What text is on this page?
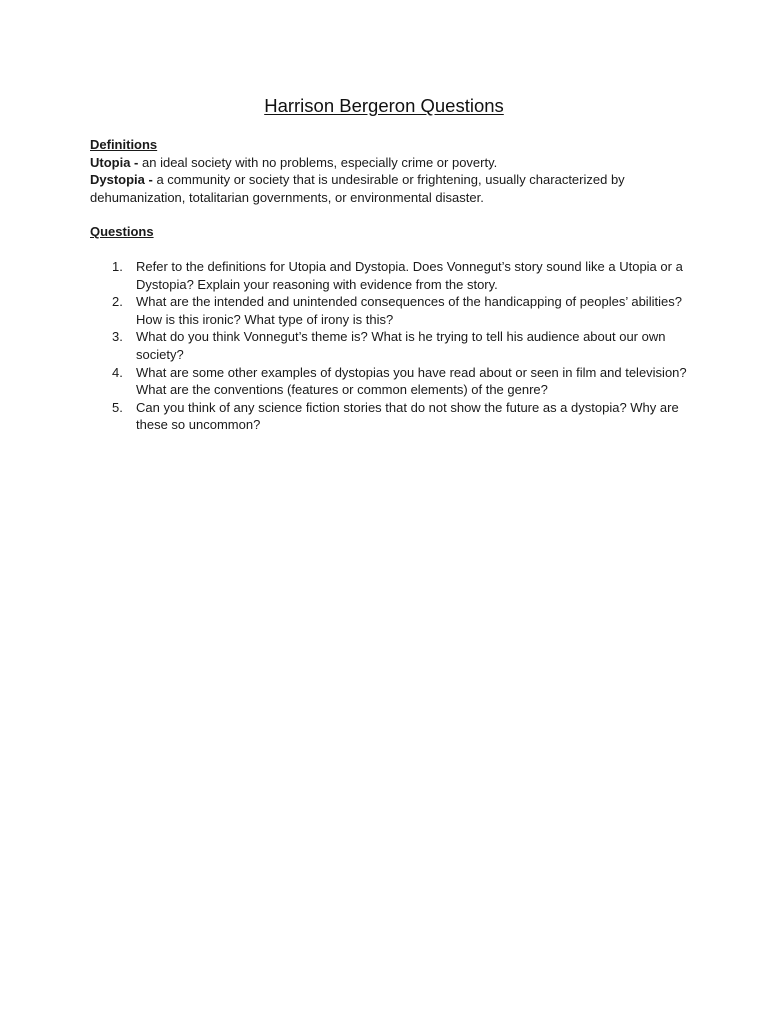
Harrison Bergeron Questions
Definitions

Utopia - an ideal society with no problems, especially crime or poverty.

Dystopia - a community or society that is undesirable or frightening, usually characterized by dehumanization, totalitarian governments, or environmental disaster.

Questions
1.	Refer to the definitions for Utopia and Dystopia. Does Vonnegut’s story sound like a Utopia or a Dystopia? Explain your reasoning with evidence from the story.
2.	What are the intended and unintended consequences of the handicapping of peoples’ abilities? How is this ironic? What type of irony is this?
3.	What do you think Vonnegut’s theme is? What is he trying to tell his audience about our own society?
4.	What are some other examples of dystopias you have read about or seen in film and television? What are the conventions (features or common elements) of the genre?
5.	Can you think of any science fiction stories that do not show the future as a dystopia? Why are these so uncommon?
